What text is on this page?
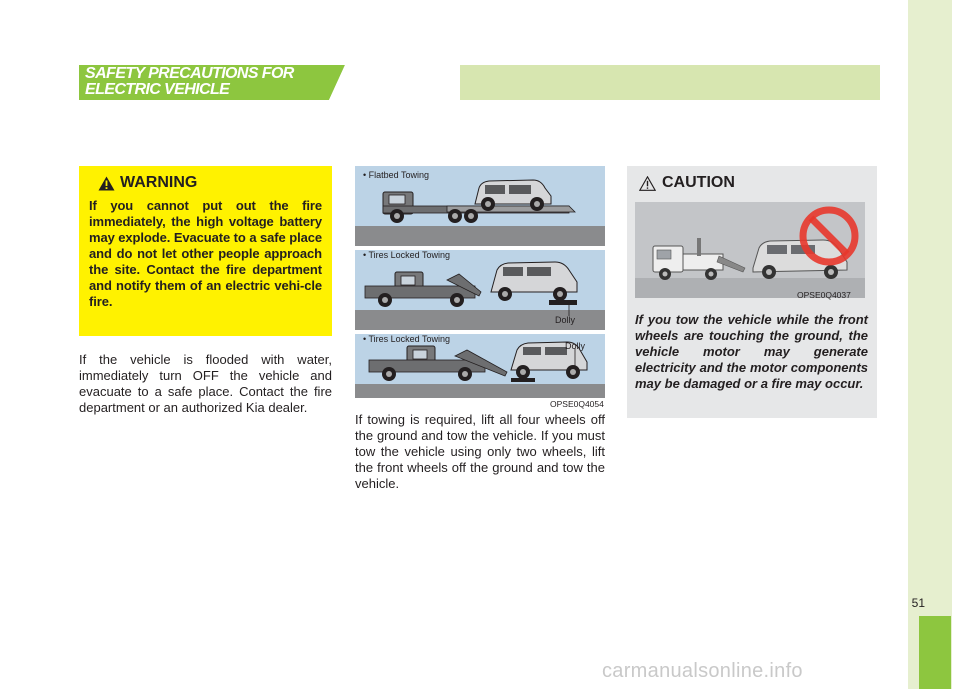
51
SAFETY PRECAUTIONS FOR
ELECTRIC VEHICLE
WARNING
If you cannot put out the fire immediately, the high voltage battery may explode. Evacuate to a safe place and do not let other people approach the site. Contact the fire department and notify them of an electric vehi-cle fire.
If the vehicle is flooded with water, immediately turn OFF the vehicle and evacuate to a safe place. Contact the fire department or an authorized Kia dealer.
• Flatbed Towing
• Tires Locked Towing
Dolly
• Tires Locked Towing
Dolly
OPSE0Q4054
If towing is required, lift all four wheels off the ground and tow the vehicle. If you must tow the vehicle using only two wheels, lift the front wheels off the ground and tow the vehicle.
CAUTION
OPSE0Q4037
If you tow the vehicle while the front wheels are touching the ground, the vehicle motor may generate electricity and the motor components may be damaged or a fire may occur.
carmanualsonline.info
